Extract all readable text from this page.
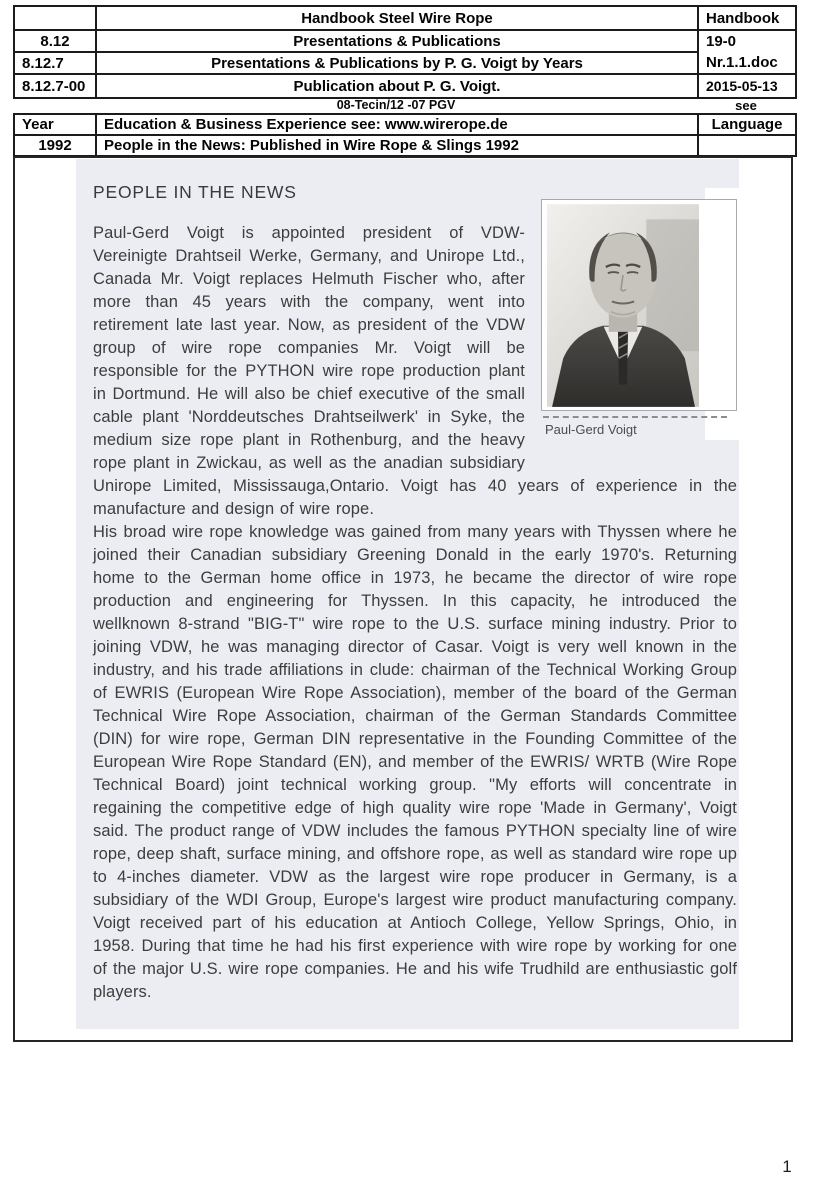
	Handbook Steel Wire Rope	Handbook
8.12	Presentations & Publications	19-0
Nr.1.1.doc

8.12.7	Presentations & Publications by P. G. Voigt by Years	
8.12.7-00	Publication about P. G. Voigt.	2015-05-13
08-Tecin/12 -07 PGV	see
Year	Education & Business Experience see: www.wirerope.de	Language
1992	People in the News: Published in Wire Rope & Slings 1992	
Paul-Gerd Voigt
PEOPLE IN THE NEWS

Paul-Gerd Voigt is appointed president of VDW-Vereinigte Drahtseil Werke, Germany, and Unirope Ltd., Canada Mr. Voigt replaces Helmuth Fischer who, after more than 45 years with the company, went into retirement late last year. Now, as president of the VDW group of wire rope companies Mr. Voigt will be responsible for the PYTHON wire rope production plant in Dortmund. He will also be chief executive of the small cable plant 'Norddeutsches Drahtseilwerk' in Syke, the medium size rope plant in Rothenburg, and the heavy rope plant in Zwickau, as well as the anadian subsidiary Unirope Limited, Mississauga,Ontario. Voigt has 40 years of experience in the manufacture and design of wire rope.

His broad wire rope knowledge was gained from many years with Thyssen where he joined their Canadian subsidiary Greening Donald in the early 1970's. Returning home to the German home office in 1973, he became the director of wire rope production and engineering for Thyssen. In this capacity, he introduced the wellknown 8-strand "BIG-T" wire rope to the U.S. surface mining industry. Prior to joining VDW, he was managing director of Casar. Voigt is very well known in the industry, and his trade affiliations in clude: chairman of the Technical Working Group of EWRIS (European Wire Rope Association), member of the board of the German Technical Wire Rope Association, chairman of the German Standards Committee (DIN) for wire rope, German DIN representative in the Founding Committee of the European Wire Rope Standard (EN), and member of the EWRIS/ WRTB (Wire Rope Technical Board) joint technical working group. "My efforts will concentrate in regaining the competitive edge of high quality wire rope 'Made in Germany', Voigt said. The product range of VDW includes the famous PYTHON specialty line of wire rope, deep shaft, surface mining, and offshore rope, as well as standard wire rope up to 4-inches diameter. VDW as the largest wire rope producer in Germany, is a subsidiary of the WDI Group, Europe's largest wire product manufacturing company. Voigt received part of his education at Antioch College, Yellow Springs, Ohio, in 1958. During that time he had his first experience with wire rope by working for one of the major U.S. wire rope companies. He and his wife Trudhild are enthusiastic golf players.

1
